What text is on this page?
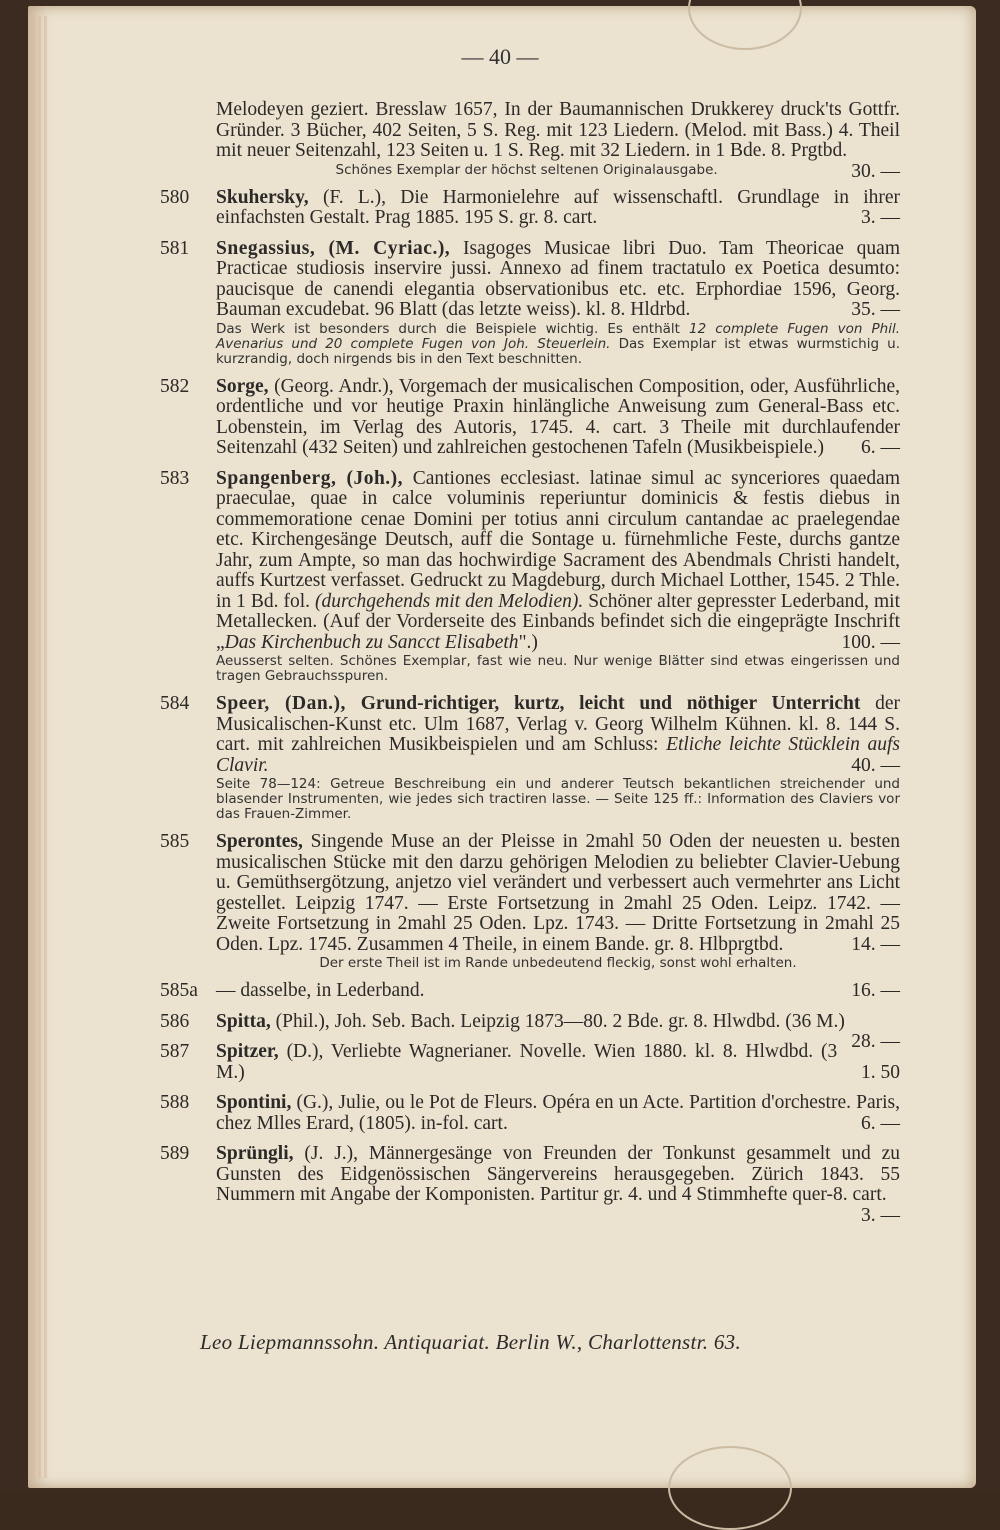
— 40 —
Melodeyen geziert. Bresslaw 1657, In der Baumannischen Drukkerey druck'ts Gottfr. Gründer. 3 Bücher, 402 Seiten, 5 S. Reg. mit 123 Liedern. (Melod. mit Bass.) 4. Theil mit neuer Seitenzahl, 123 Seiten u. 1 S. Reg. mit 32 Liedern. in 1 Bde. 8. Prgtbd.
30. —
Schönes Exemplar der höchst seltenen Originalausgabe.
580 Skuhersky, (F. L.), Die Harmonielehre auf wissenschaftl. Grundlage in ihrer einfachsten Gestalt. Prag 1885. 195 S. gr. 8. cart.	3. —
581 Snegassius, (M. Cyriac.), Isagoges Musicae libri Duo. Tam Theoricae quam Practicae studiosis inservire jussi. Annexo ad finem tractatulo ex Poetica desumto: paucisque de canendi elegantia observationibus etc. etc. Erphordiae 1596, Georg. Bauman excudebat. 96 Blatt (das letzte weiss). kl. 8. Hldrbd.	35. —
Das Werk ist besonders durch die Beispiele wichtig. Es enthält 12 complete Fugen von Phil. Avenarius und 20 complete Fugen von Joh. Steuerlein. Das Exemplar ist etwas wurmstichig u. kurzrandig, doch nirgends bis in den Text beschnitten.
582 Sorge, (Georg. Andr.), Vorgemach der musicalischen Composition, oder, Ausführliche, ordentliche und vor heutige Praxin hinlängliche Anweisung zum General-Bass etc. Lobenstein, im Verlag des Autoris, 1745. 4. cart. 3 Theile mit durchlaufender Seitenzahl (432 Seiten) und zahlreichen gestochenen Tafeln (Musikbeispiele.)	6. —
583 Spangenberg, (Joh.), Cantiones ecclesiast. latinae simul ac synceriores quaedam praeculae, quae in calce voluminis reperiuntur dominicis & festis diebus in commemoratione cenae Domini per totius anni circulum cantandae ac praelegendae etc. Kirchengesänge Deutsch, auff die Sontage u. fürnehmliche Feste, durchs gantze Jahr, zum Ampte, so man das hochwirdige Sacrament des Abendmals Christi handelt, auffs Kurtzest verfasset. Gedruckt zu Magdeburg, durch Michael Lotther, 1545. 2 Thle. in 1 Bd. fol. (durchgehends mit den Melodien). Schöner alter gepresster Lederband, mit Metallecken. (Auf der Vorderseite des Einbands befindet sich die eingeprägte Inschrift „Das Kirchenbuch zu Sancct Elisabeth".)	100. —
Aeusserst selten. Schönes Exemplar, fast wie neu. Nur wenige Blätter sind etwas eingerissen und tragen Gebrauchsspuren.
584 Speer, (Dan.), Grund-richtiger, kurtz, leicht und nöthiger Unterricht der Musicalischen-Kunst etc. Ulm 1687, Verlag v. Georg Wilhelm Kühnen. kl. 8. 144 S. cart. mit zahlreichen Musikbeispielen und am Schluss: Etliche leichte Stücklein aufs Clavir.	40. —
Seite 78—124: Getreue Beschreibung ein und anderer Teutsch bekantlichen streichender und blasender Instrumenten, wie jedes sich tractiren lasse. — Seite 125 ff.: Information des Claviers vor das Frauen-Zimmer.
585 Sperontes, Singende Muse an der Pleisse in 2mahl 50 Oden der neuesten u. besten musicalischen Stücke mit den darzu gehörigen Melodien zu beliebter Clavier-Uebung u. Gemüthsergötzung, anjetzo viel verändert und verbessert auch vermehrter ans Licht gestellet. Leipzig 1747. — Erste Fortsetzung in 2mahl 25 Oden. Leipz. 1742. — Zweite Fortsetzung in 2mahl 25 Oden. Lpz. 1743. — Dritte Fortsetzung in 2mahl 25 Oden. Lpz. 1745. Zusammen 4 Theile, in einem Bande. gr. 8. Hlbprgtbd.	14. —
Der erste Theil ist im Rande unbedeutend fleckig, sonst wohl erhalten.
585a — dasselbe, in Lederband.	16. —
586 Spitta, (Phil.), Joh. Seb. Bach. Leipzig 1873—80. 2 Bde. gr. 8. Hlwdbd. (36 M.)
28. —
587 Spitzer, (D.), Verliebte Wagnerianer. Novelle. Wien 1880. kl. 8. Hlwdbd. (3 M.)	1. 50
588 Spontini, (G.), Julie, ou le Pot de Fleurs. Opéra en un Acte. Partition d'orchestre. Paris, chez Mlles Erard, (1805). in-fol. cart.	6. —
589 Sprüngli, (J. J.), Männergesänge von Freunden der Tonkunst gesammelt und zu Gunsten des Eidgenössischen Sängervereins herausgegeben. Zürich 1843. 55 Nummern mit Angabe der Komponisten. Partitur gr. 4. und 4 Stimmhefte quer-8. cart.
3. —
Leo Liepmannssohn. Antiquariat. Berlin W., Charlottenstr. 63.
